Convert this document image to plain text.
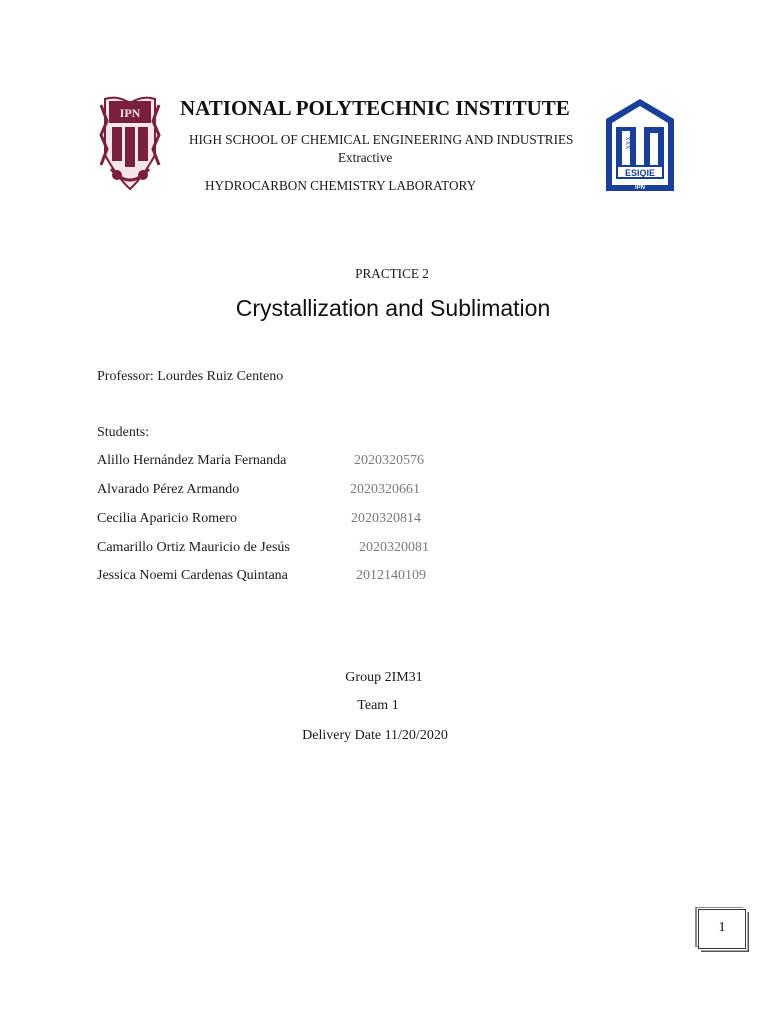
IPN
ESIQIE
IPN
XXX
NATIONAL POLYTECHNIC INSTITUTE
HIGH SCHOOL OF CHEMICAL ENGINEERING AND INDUSTRIES
Extractive
HYDROCARBON CHEMISTRY LABORATORY
PRACTICE 2
Crystallization and Sublimation
Professor: Lourdes Ruiz Centeno
Students:
Alillo Hernández María Fernanda	2020320576
Alvarado Pérez Armando	2020320661
Cecilia Aparicio Romero	2020320814
Camarillo Ortiz Mauricio de Jesús	2020320081
Jessica Noemi Cardenas Quintana	2012140109
Group 2IM31
Team 1
Delivery Date 11/20/2020
1
